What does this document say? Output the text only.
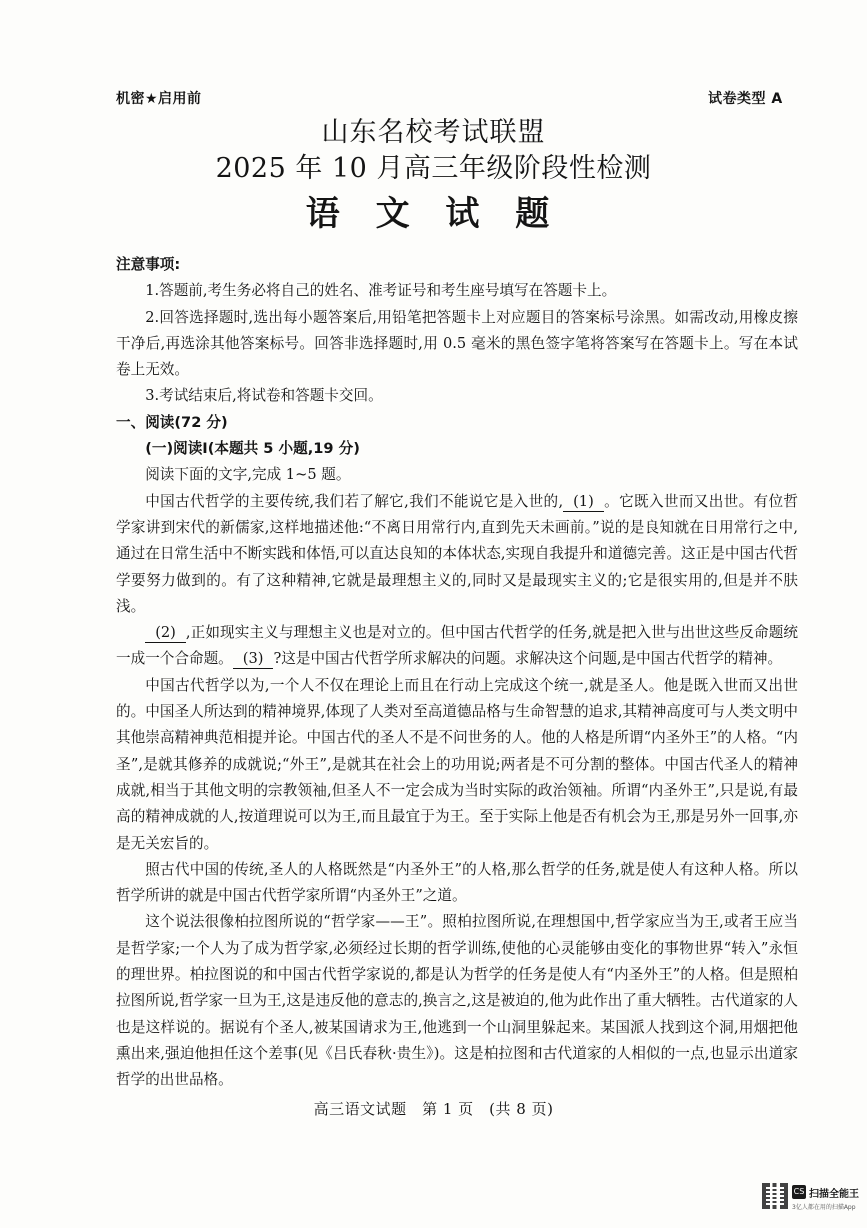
机密★启用前	试卷类型 A
山东名校考试联盟
2025 年 10 月高三年级阶段性检测
语 文 试 题

注意事项:

1.答题前,考生务必将自己的姓名、准考证号和考生座号填写在答题卡上。

2.回答选择题时,选出每小题答案后,用铅笔把答题卡上对应题目的答案标号涂黑。如需改动,用橡皮擦干净后,再选涂其他答案标号。回答非选择题时,用 0.5 毫米的黑色签字笔将答案写在答题卡上。写在本试卷上无效。

3.考试结束后,将试卷和答题卡交回。

一、阅读(72 分)

(一)阅读Ⅰ(本题共 5 小题,19 分)

阅读下面的文字,完成 1~5 题。

中国古代哲学的主要传统,我们若了解它,我们不能说它是入世的, (1) 。它既入世而又出世。有位哲学家讲到宋代的新儒家,这样地描述他:“不离日用常行内,直到先天未画前。”说的是良知就在日用常行之中,通过在日常生活中不断实践和体悟,可以直达良知的本体状态,实现自我提升和道德完善。这正是中国古代哲学要努力做到的。有了这种精神,它就是最理想主义的,同时又是最现实主义的;它是很实用的,但是并不肤浅。

(2) ,正如现实主义与理想主义也是对立的。但中国古代哲学的任务,就是把入世与出世这些反命题统一成一个合命题。 (3) ?这是中国古代哲学所求解决的问题。求解决这个问题,是中国古代哲学的精神。

中国古代哲学以为,一个人不仅在理论上而且在行动上完成这个统一,就是圣人。他是既入世而又出世的。中国圣人所达到的精神境界,体现了人类对至高道德品格与生命智慧的追求,其精神高度可与人类文明中其他崇高精神典范相提并论。中国古代的圣人不是不问世务的人。他的人格是所谓“内圣外王”的人格。“内圣”,是就其修养的成就说;“外王”,是就其在社会上的功用说;两者是不可分割的整体。中国古代圣人的精神成就,相当于其他文明的宗教领袖,但圣人不一定会成为当时实际的政治领袖。所谓“内圣外王”,只是说,有最高的精神成就的人,按道理说可以为王,而且最宜于为王。至于实际上他是否有机会为王,那是另外一回事,亦是无关宏旨的。

照古代中国的传统,圣人的人格既然是“内圣外王”的人格,那么哲学的任务,就是使人有这种人格。所以哲学所讲的就是中国古代哲学家所谓“内圣外王”之道。

这个说法很像柏拉图所说的“哲学家——王”。照柏拉图所说,在理想国中,哲学家应当为王,或者王应当是哲学家;一个人为了成为哲学家,必须经过长期的哲学训练,使他的心灵能够由变化的事物世界“转入”永恒的理世界。柏拉图说的和中国古代哲学家说的,都是认为哲学的任务是使人有“内圣外王”的人格。但是照柏拉图所说,哲学家一旦为王,这是违反他的意志的,换言之,这是被迫的,他为此作出了重大牺牲。古代道家的人也是这样说的。据说有个圣人,被某国请求为王,他逃到一个山洞里躲起来。某国派人找到这个洞,用烟把他熏出来,强迫他担任这个差事(见《吕氏春秋·贵生》)。这是柏拉图和古代道家的人相似的一点,也显示出道家哲学的出世品格。

高三语文试题　第 1 页　(共 8 页)
CS 扫描全能王
3亿人都在用的扫描App
